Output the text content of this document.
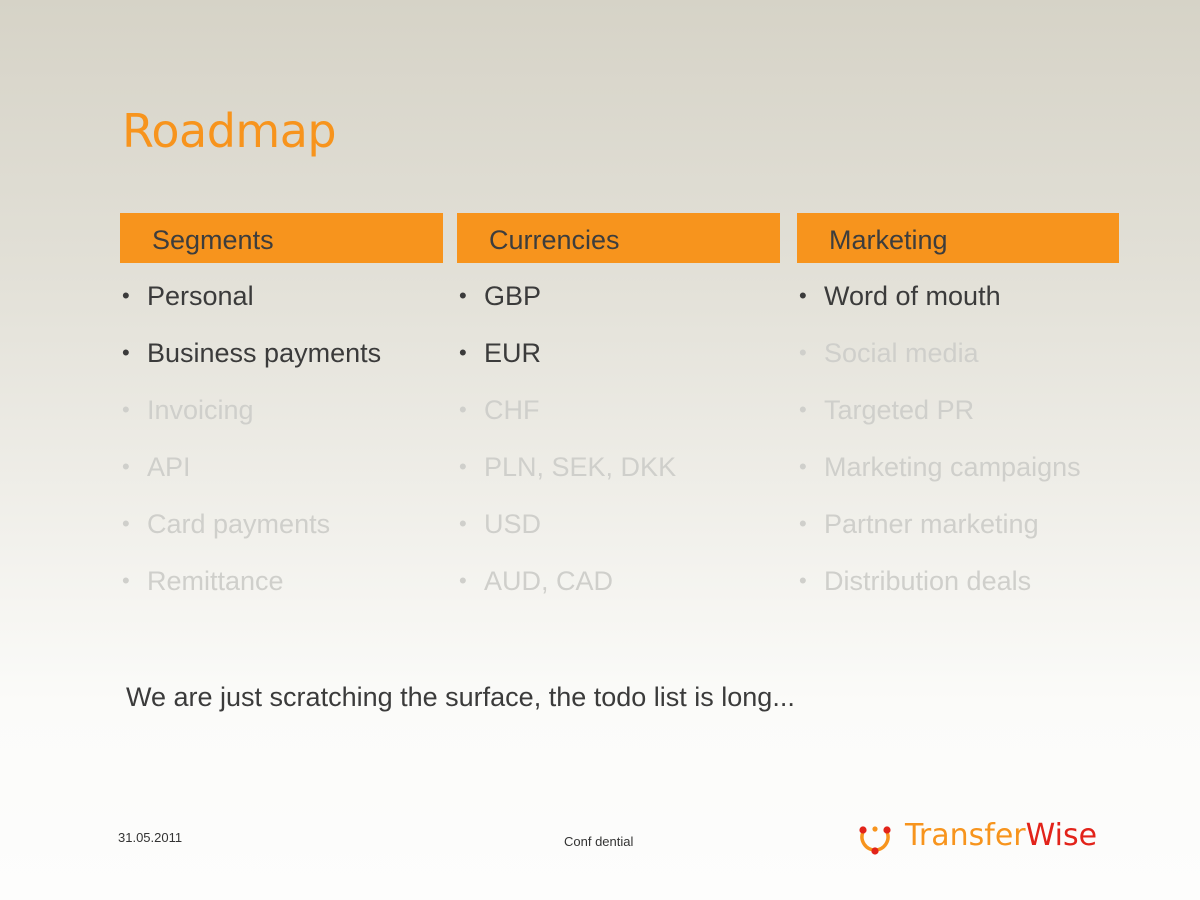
Roadmap
Segments
• Personal
• Business payments
• Invoicing
• API
• Card payments
• Remittance
Currencies
• GBP
• EUR
• CHF
• PLN, SEK, DKK
• USD
• AUD, CAD
Marketing
• Word of mouth
• Social media
• Targeted PR
• Marketing campaigns
• Partner marketing
• Distribution deals
We are just scratching the surface, the todo list is long...
31.05.2011	Conf dential	TransferWise
